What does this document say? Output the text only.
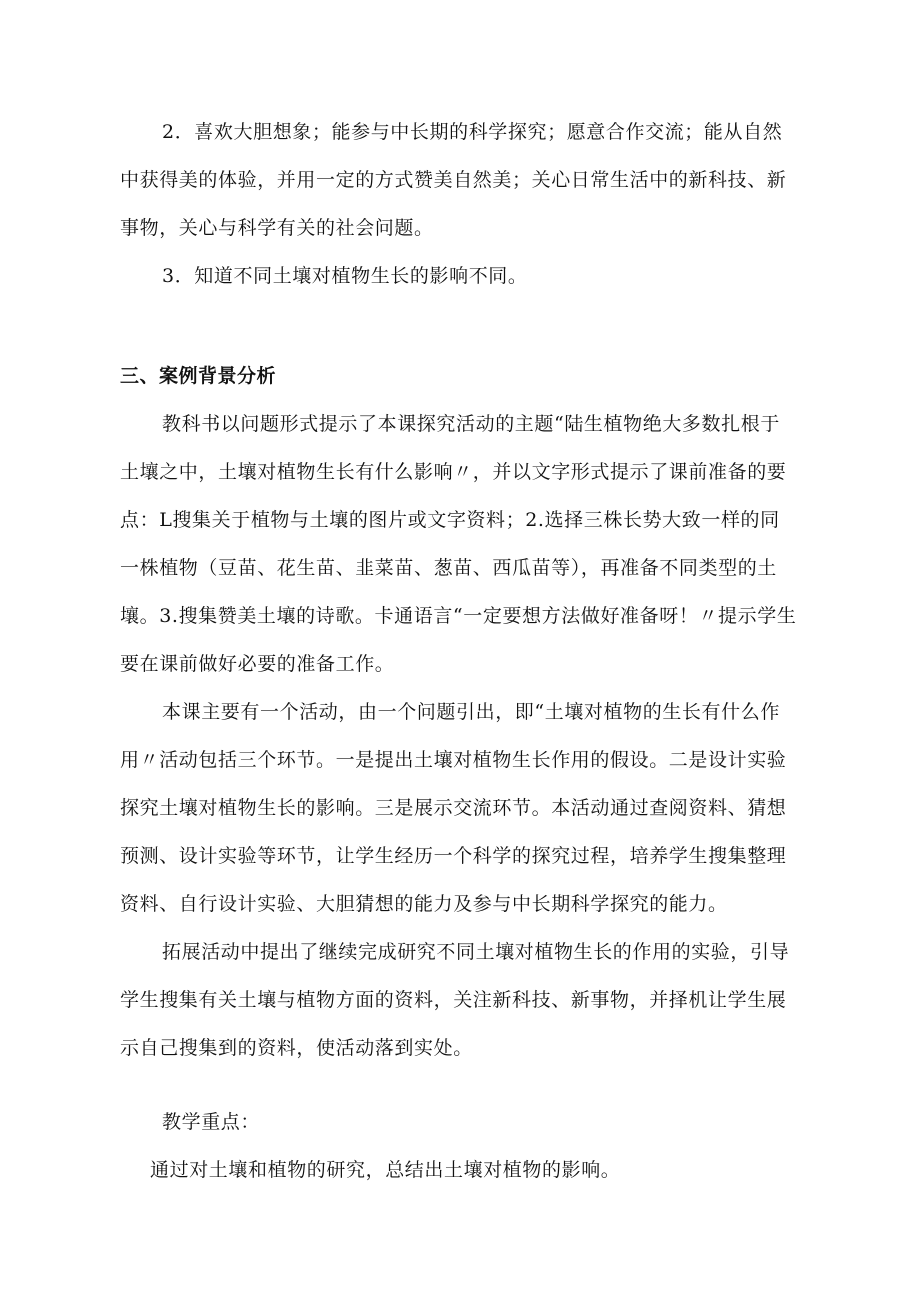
2．喜欢大胆想象；能参与中长期的科学探究；愿意合作交流；能从自然
中获得美的体验，并用一定的方式赞美自然美；关心日常生活中的新科技、新
事物，关心与科学有关的社会问题。
3．知道不同土壤对植物生长的影响不同。
三、案例背景分析
教科书以问题形式提示了本课探究活动的主题“陆生植物绝大多数扎根于
土壤之中，土壤对植物生长有什么影响〃，并以文字形式提示了课前准备的要
点：L搜集关于植物与土壤的图片或文字资料；2.选择三株长势大致一样的同
一株植物（豆苗、花生苗、韭菜苗、葱苗、西瓜苗等），再准备不同类型的土
壤。3.搜集赞美土壤的诗歌。卡通语言“一定要想方法做好准备呀！〃提示学生
要在课前做好必要的准备工作。
本课主要有一个活动，由一个问题引出，即“土壤对植物的生长有什么作
用〃活动包括三个环节。一是提出土壤对植物生长作用的假设。二是设计实验
探究土壤对植物生长的影响。三是展示交流环节。本活动通过查阅资料、猜想
预测、设计实验等环节，让学生经历一个科学的探究过程，培养学生搜集整理
资料、自行设计实验、大胆猜想的能力及参与中长期科学探究的能力。
拓展活动中提出了继续完成研究不同土壤对植物生长的作用的实验，引导
学生搜集有关土壤与植物方面的资料，关注新科技、新事物，并择机让学生展
示自己搜集到的资料，使活动落到实处。
教学重点：
通过对土壤和植物的研究，总结出土壤对植物的影响。
